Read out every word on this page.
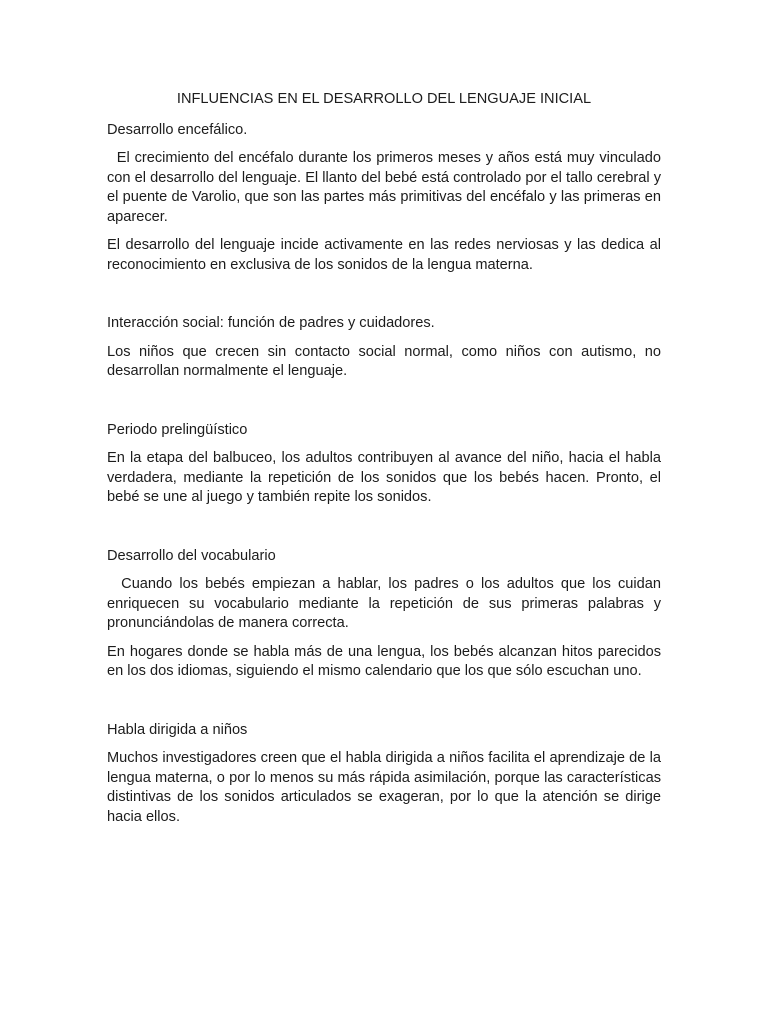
INFLUENCIAS EN EL DESARROLLO DEL LENGUAJE INICIAL

Desarrollo encefálico.

El crecimiento del encéfalo durante los primeros meses y años está muy vinculado con el desarrollo del lenguaje. El llanto del bebé está controlado por el tallo cerebral y el puente de Varolio, que son las partes más primitivas del encéfalo y las primeras en aparecer.

El desarrollo del lenguaje incide activamente en las redes nerviosas y las dedica al reconocimiento en exclusiva de los sonidos de la lengua materna.

Interacción social: función de padres y cuidadores.

Los niños que crecen sin contacto social normal, como niños con autismo, no desarrollan normalmente el lenguaje.

Periodo prelingüístico

En la etapa del balbuceo, los adultos contribuyen al avance del niño, hacia el habla verdadera, mediante la repetición de los sonidos que los bebés hacen. Pronto, el bebé se une al juego y también repite los sonidos.

Desarrollo del vocabulario

Cuando los bebés empiezan a hablar, los padres o los adultos que los cuidan enriquecen su vocabulario mediante la repetición de sus primeras palabras y pronunciándolas de manera correcta.

En hogares donde se habla más de una lengua, los bebés alcanzan hitos parecidos en los dos idiomas, siguiendo el mismo calendario que los que sólo escuchan uno.

Habla dirigida a niños

Muchos investigadores creen que el habla dirigida a niños facilita el aprendizaje de la lengua materna, o por lo menos su más rápida asimilación, porque las características distintivas de los sonidos articulados se exageran, por lo que la atención se dirige hacia ellos.
